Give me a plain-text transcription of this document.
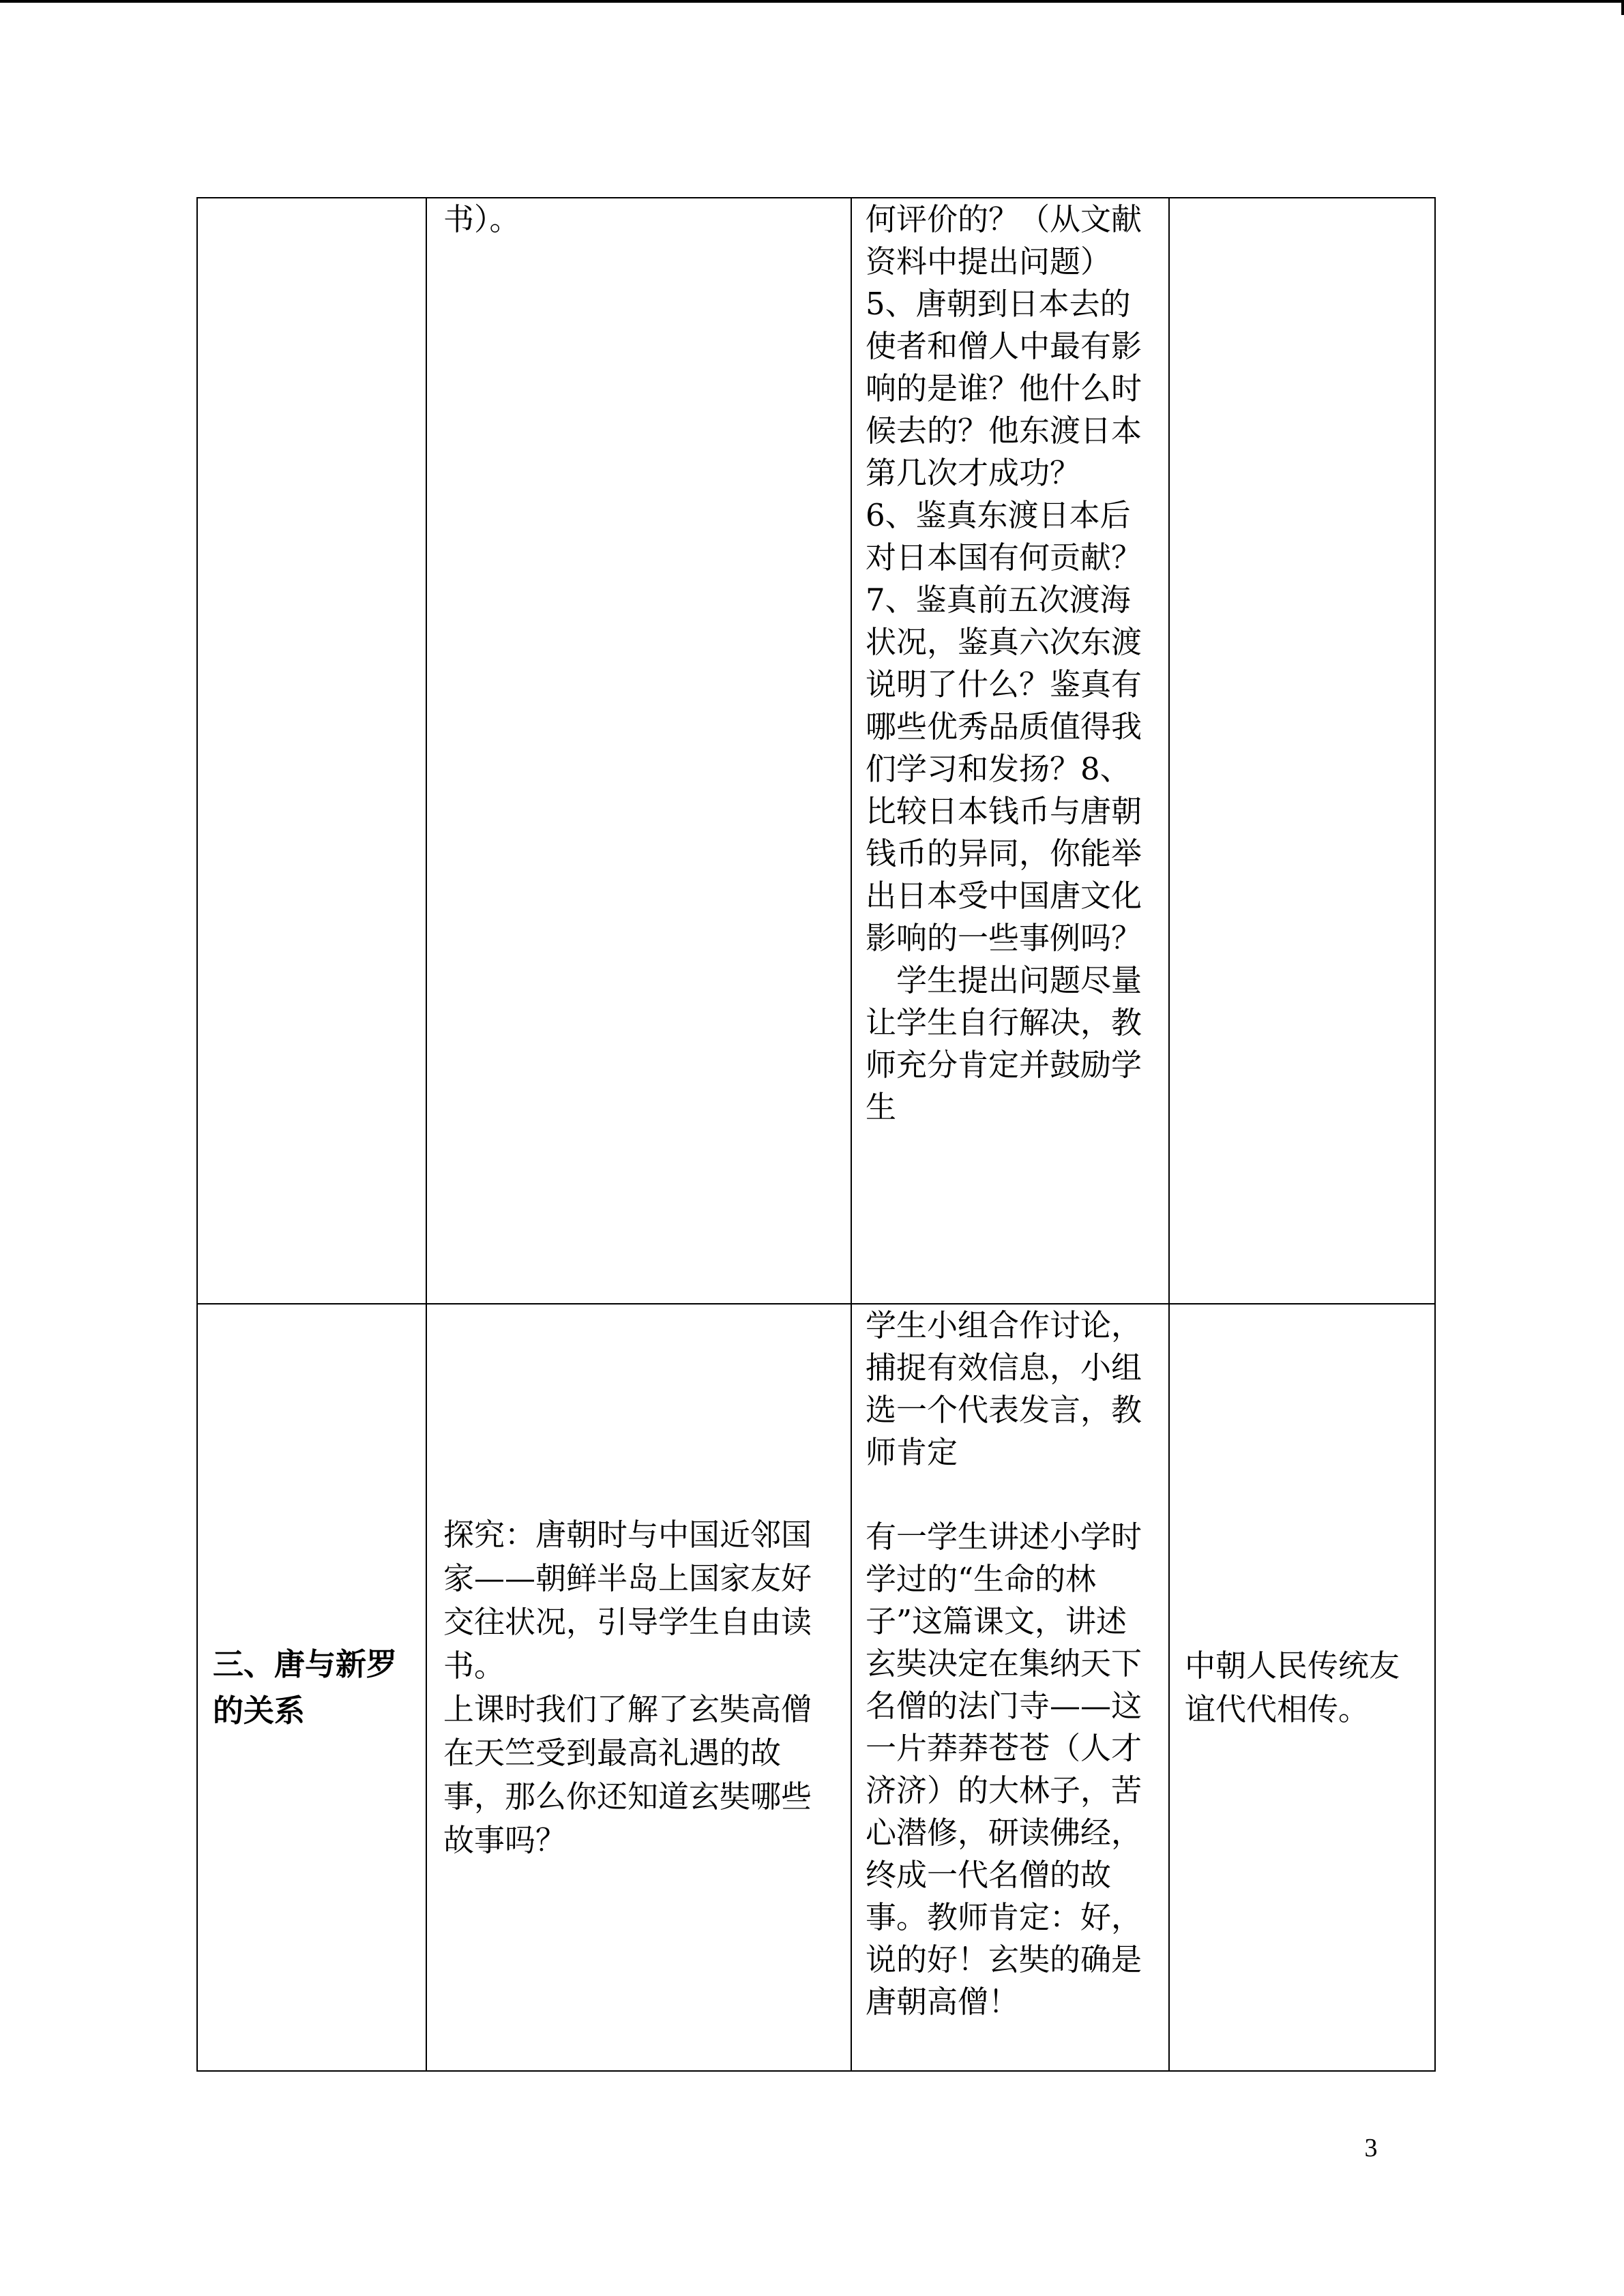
	书）。	何评价的？（从文献资料中提出问题）
5、唐朝到日本去的使者和僧人中最有影响的是谁？他什么时候去的？他东渡日本第几次才成功？
6、鉴真东渡日本后对日本国有何贡献？
7、鉴真前五次渡海状况，鉴真六次东渡说明了什么？鉴真有哪些优秀品质值得我们学习和发扬？8、比较日本钱币与唐朝钱币的异同，你能举出日本受中国唐文化影响的一些事例吗？
　学生提出问题尽量让学生自行解决，教师充分肯定并鼓励学生	

三、唐与新罗的关系	探究：唐朝时与中国近邻国家——朝鲜半岛上国家友好交往状况，引导学生自由读书。
上课时我们了解了玄奘高僧在天竺受到最高礼遇的故事，那么你还知道玄奘哪些故事吗？	学生小组合作讨论，捕捉有效信息，小组选一个代表发言，教师肯定

有一学生讲述小学时学过的“生命的林子”这篇课文，讲述玄奘决定在集纳天下名僧的法门寺——这一片莽莽苍苍（人才济济）的大林子，苦心潜修，研读佛经，终成一代名僧的故事。教师肯定：好，说的好！玄奘的确是唐朝高僧！	中朝人民传统友谊代代相传。
3
